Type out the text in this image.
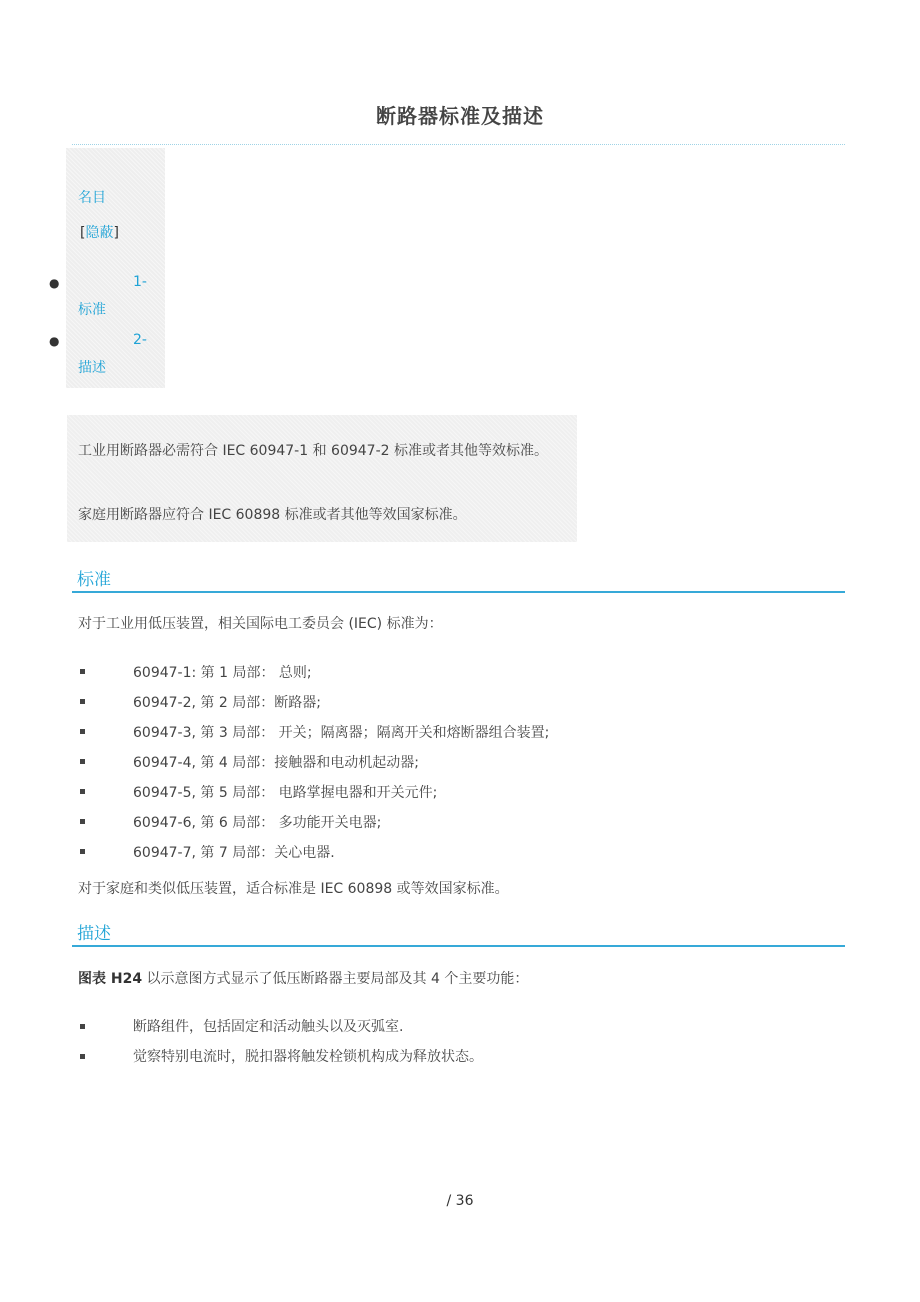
断路器标准及描述
名目
[隐蔽]
●	1-
标准
●	2-
描述
工业用断路器必需符合 IEC 60947-1 和 60947-2 标准或者其他等效标准。
家庭用断路器应符合 IEC 60898 标准或者其他等效国家标准。
标准
对于工业用低压装置，相关国际电工委员会 (IEC) 标准为：
60947-1: 第 1 局部： 总则;
60947-2, 第 2 局部：断路器;
60947-3, 第 3 局部： 开关；隔离器；隔离开关和熔断器组合装置;
60947-4, 第 4 局部：接触器和电动机起动器;
60947-5, 第 5 局部： 电路掌握电器和开关元件;
60947-6, 第 6 局部： 多功能开关电器;
60947-7, 第 7 局部：关心电器.
对于家庭和类似低压装置，适合标准是 IEC 60898 或等效国家标准。
描述
图表 H24 以示意图方式显示了低压断路器主要局部及其 4 个主要功能：
断路组件，包括固定和活动触头以及灭弧室.
觉察特别电流时，脱扣器将触发栓锁机构成为释放状态。
/ 36
